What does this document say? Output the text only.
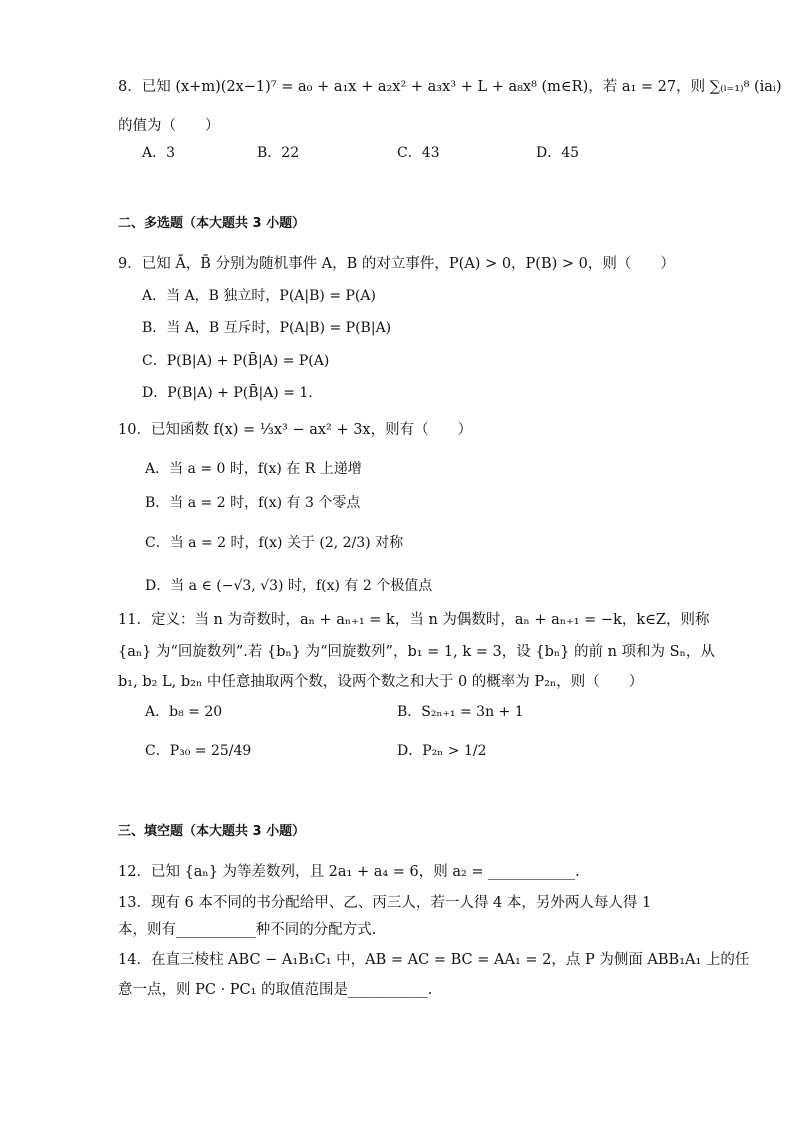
8．已知 (x+m)(2x−1)⁷ = a₀ + a₁x + a₂x² + a₃x³ + L + a₈x⁸ (m∈R)，若 a₁ = 27，则 ∑₍ᵢ₌₁₎⁸ (iaᵢ)
的值为（　　）
A．3	B．22	C．43	D．45
二、多选题（本大题共 3 小题）
9．已知 Ā，B̄ 分别为随机事件 A，B 的对立事件，P(A) > 0，P(B) > 0，则（　　）
A．当 A，B 独立时，P(A|B) = P(A)
B．当 A，B 互斥时，P(A|B) = P(B|A)
C．P(B|A) + P(B̄|A) = P(A)
D．P(B|A) + P(B̄|A) = 1.
10．已知函数 f(x) = ⅓x³ − ax² + 3x，则有（　　）
A．当 a = 0 时，f(x) 在 R 上递增
B．当 a = 2 时，f(x) 有 3 个零点
C．当 a = 2 时，f(x) 关于 (2, 2/3) 对称
D．当 a ∈ (−√3, √3) 时，f(x) 有 2 个极值点
11．定义：当 n 为奇数时，aₙ + aₙ₊₁ = k，当 n 为偶数时，aₙ + aₙ₊₁ = −k，k∈Z，则称
{aₙ} 为“回旋数列”.若 {bₙ} 为“回旋数列”，b₁ = 1, k = 3，设 {bₙ} 的前 n 项和为 Sₙ，从
b₁, b₂ L, b₂ₙ 中任意抽取两个数，设两个数之和大于 0 的概率为 P₂ₙ，则（　　）
A．b₈ = 20	B．S₂ₙ₊₁ = 3n + 1
C．P₃₀ = 25/49	D．P₂ₙ > 1/2
三、填空题（本大题共 3 小题）
12．已知 {aₙ} 为等差数列，且 2a₁ + a₄ = 6，则 a₂ = ____________.
13．现有 6 本不同的书分配给甲、乙、丙三人，若一人得 4 本，另外两人每人得 1
本，则有___________种不同的分配方式.
14．在直三棱柱 ABC − A₁B₁C₁ 中，AB = AC = BC = AA₁ = 2，点 P 为侧面 ABB₁A₁ 上的任
意一点，则 PC · PC₁ 的取值范围是___________.
